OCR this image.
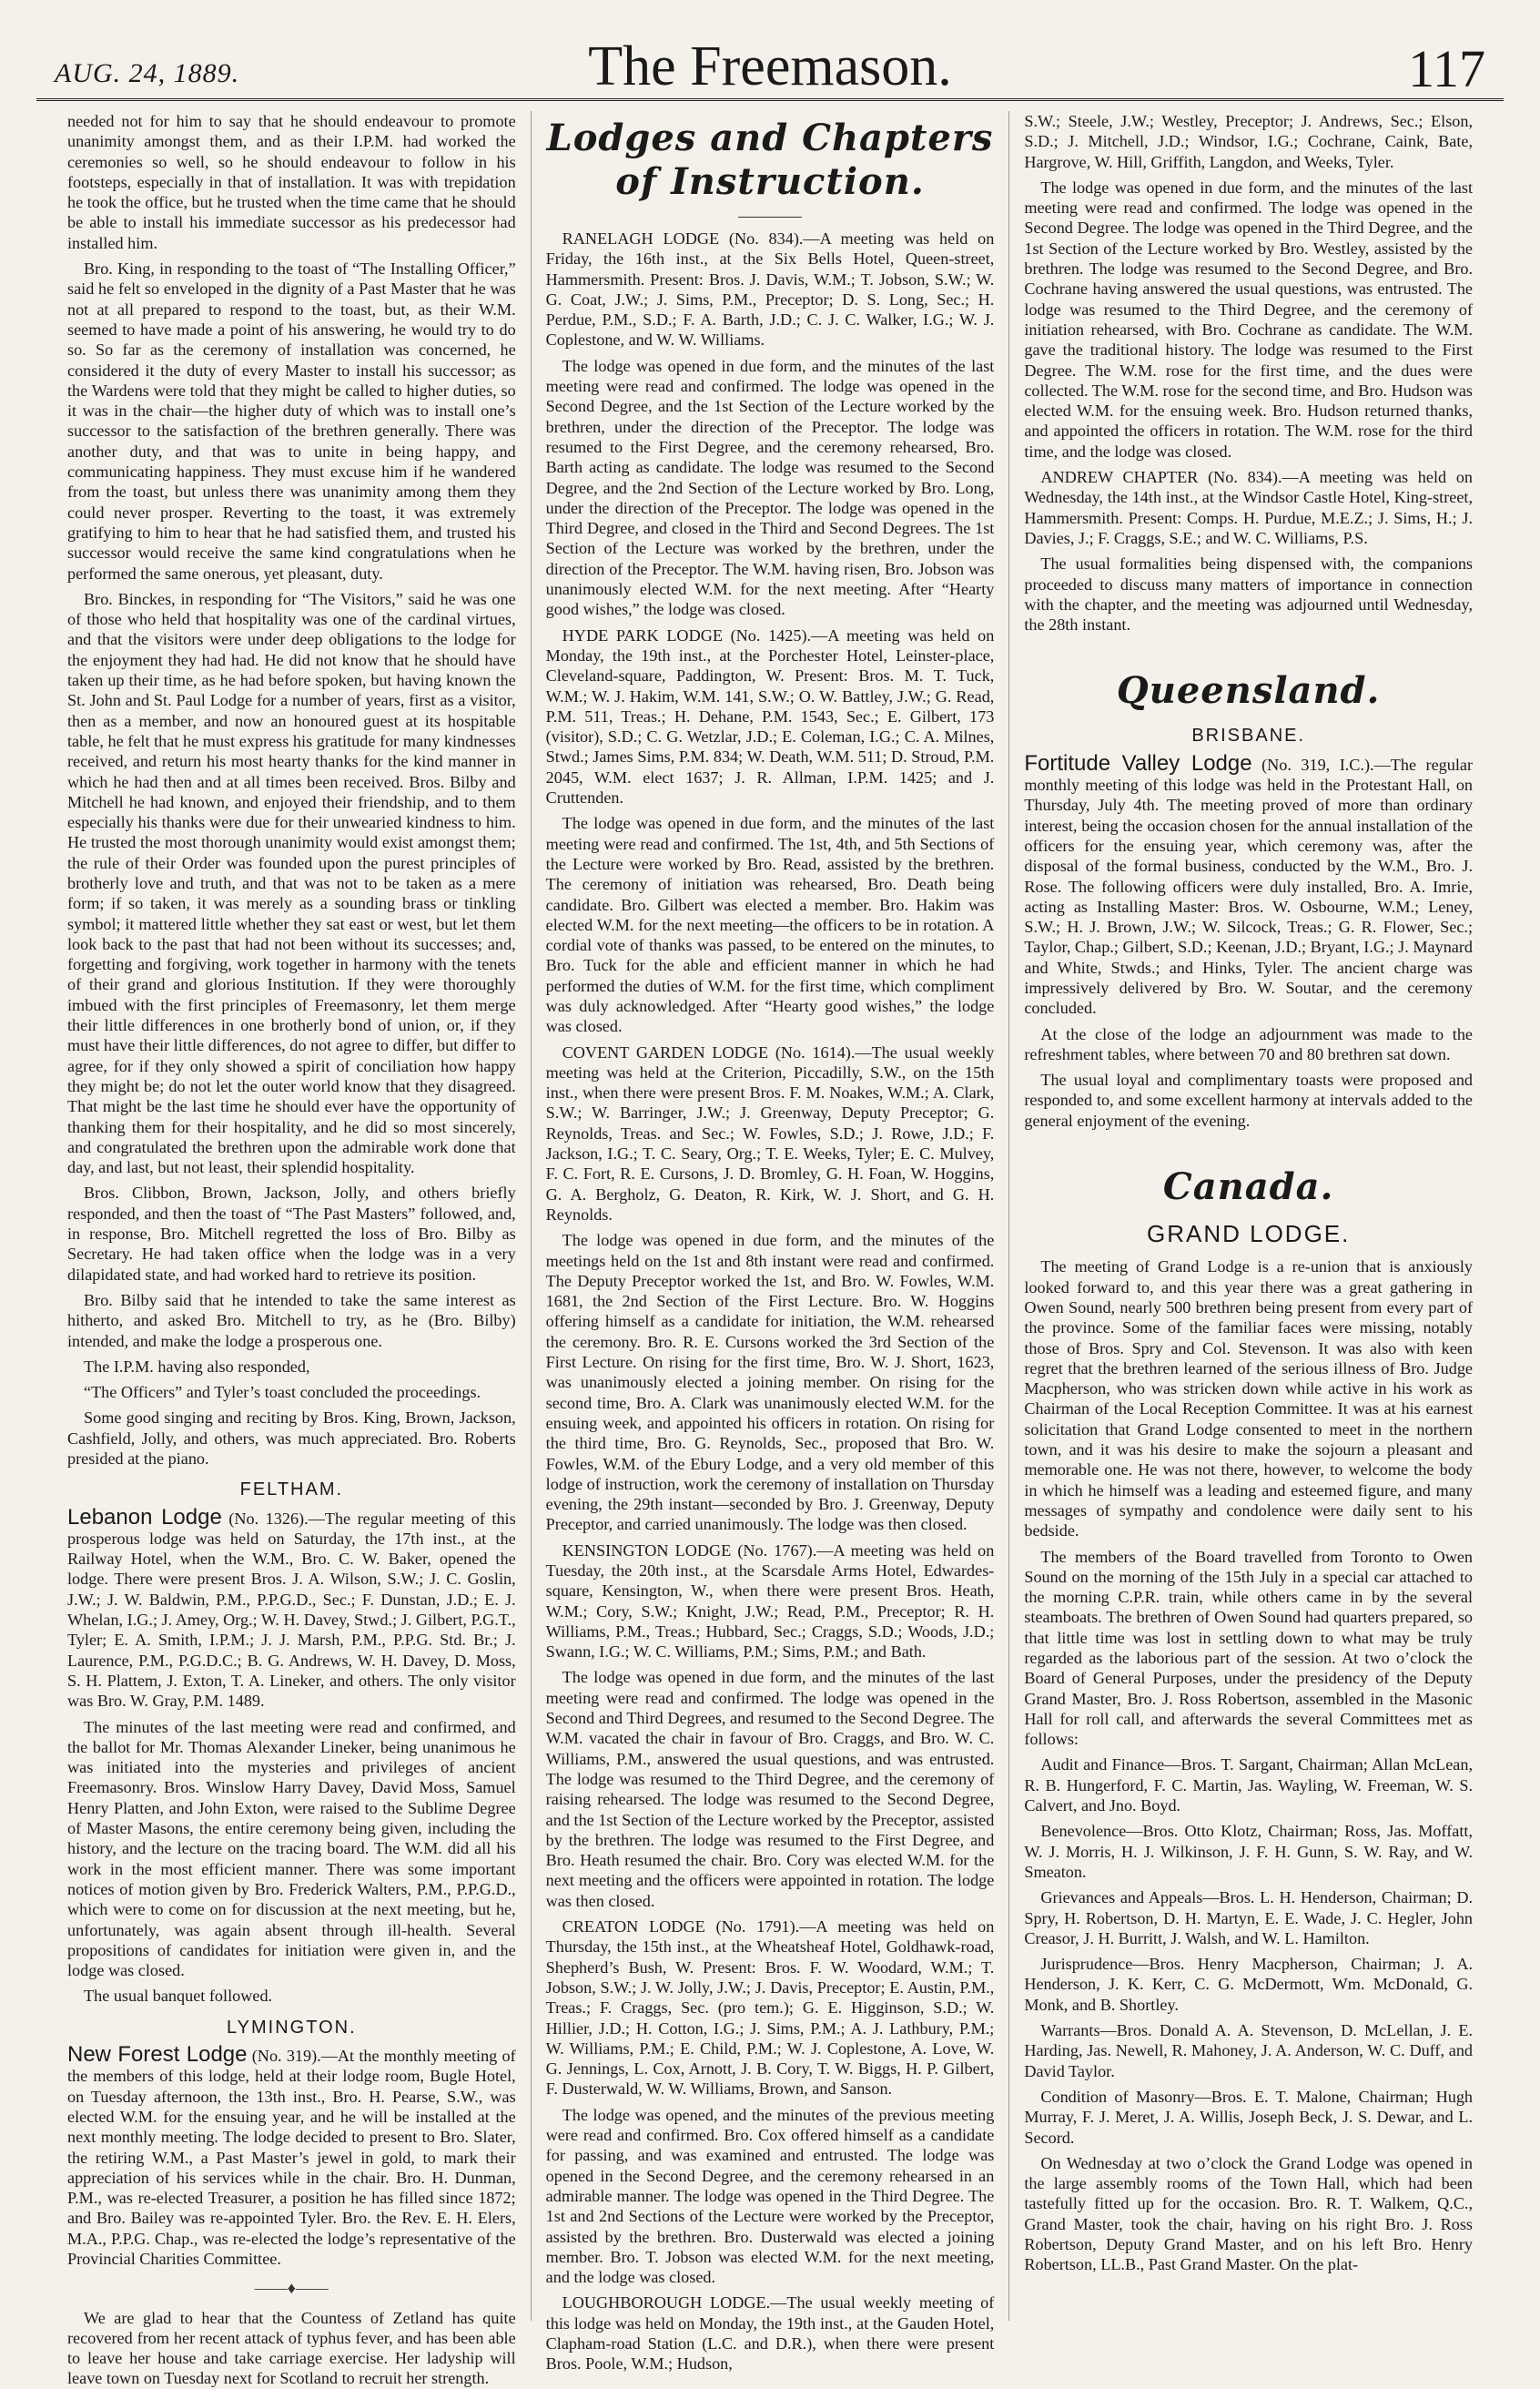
AUG. 24, 1889.	The Freemason.	117

needed not for him to say that he should endeavour to promote unanimity amongst them, and as their I.P.M. had worked the ceremonies so well, so he should endeavour to follow in his footsteps, especially in that of installation. It was with trepidation he took the office, but he trusted when the time came that he should be able to install his immediate successor as his predecessor had installed him.

Bro. King, in responding to the toast of “The Installing Officer,” said he felt so enveloped in the dignity of a Past Master that he was not at all prepared to respond to the toast, but, as their W.M. seemed to have made a point of his answering, he would try to do so. So far as the ceremony of installation was concerned, he considered it the duty of every Master to install his successor; as the Wardens were told that they might be called to higher duties, so it was in the chair—the higher duty of which was to install one’s successor to the satisfaction of the brethren generally. There was another duty, and that was to unite in being happy, and communicating happiness. They must excuse him if he wandered from the toast, but unless there was unanimity among them they could never prosper. Reverting to the toast, it was extremely gratifying to him to hear that he had satisfied them, and trusted his successor would receive the same kind congratulations when he performed the same onerous, yet pleasant, duty.

Bro. Binckes, in responding for “The Visitors,” said he was one of those who held that hospitality was one of the cardinal virtues, and that the visitors were under deep obligations to the lodge for the enjoyment they had had. He did not know that he should have taken up their time, as he had before spoken, but having known the St. John and St. Paul Lodge for a number of years, first as a visitor, then as a member, and now an honoured guest at its hospitable table, he felt that he must express his gratitude for many kindnesses received, and return his most hearty thanks for the kind manner in which he had then and at all times been received. Bros. Bilby and Mitchell he had known, and enjoyed their friendship, and to them especially his thanks were due for their unwearied kindness to him. He trusted the most thorough unanimity would exist amongst them; the rule of their Order was founded upon the purest principles of brotherly love and truth, and that was not to be taken as a mere form; if so taken, it was merely as a sounding brass or tinkling symbol; it mattered little whether they sat east or west, but let them look back to the past that had not been without its successes; and, forgetting and forgiving, work together in harmony with the tenets of their grand and glorious Institution. If they were thoroughly imbued with the first principles of Freemasonry, let them merge their little differences in one brotherly bond of union, or, if they must have their little differences, do not agree to differ, but differ to agree, for if they only showed a spirit of conciliation how happy they might be; do not let the outer world know that they disagreed. That might be the last time he should ever have the opportunity of thanking them for their hospitality, and he did so most sincerely, and congratulated the brethren upon the admirable work done that day, and last, but not least, their splendid hospitality.

Bros. Clibbon, Brown, Jackson, Jolly, and others briefly responded, and then the toast of “The Past Masters” followed, and, in response, Bro. Mitchell regretted the loss of Bro. Bilby as Secretary. He had taken office when the lodge was in a very dilapidated state, and had worked hard to retrieve its position.

Bro. Bilby said that he intended to take the same interest as hitherto, and asked Bro. Mitchell to try, as he (Bro. Bilby) intended, and make the lodge a prosperous one.

The I.P.M. having also responded,

“The Officers” and Tyler’s toast concluded the proceedings.

Some good singing and reciting by Bros. King, Brown, Jackson, Cashfield, Jolly, and others, was much appreciated. Bro. Roberts presided at the piano.

FELTHAM.

Lebanon Lodge (No. 1326).—The regular meeting of this prosperous lodge was held on Saturday, the 17th inst., at the Railway Hotel, when the W.M., Bro. C. W. Baker, opened the lodge. There were present Bros. J. A. Wilson, S.W.; J. C. Goslin, J.W.; J. W. Baldwin, P.M., P.P.G.D., Sec.; F. Dunstan, J.D.; E. J. Whelan, I.G.; J. Amey, Org.; W. H. Davey, Stwd.; J. Gilbert, P.G.T., Tyler; E. A. Smith, I.P.M.; J. J. Marsh, P.M., P.P.G. Std. Br.; J. Laurence, P.M., P.G.D.C.; B. G. Andrews, W. H. Davey, D. Moss, S. H. Plattem, J. Exton, T. A. Lineker, and others. The only visitor was Bro. W. Gray, P.M. 1489.

The minutes of the last meeting were read and confirmed, and the ballot for Mr. Thomas Alexander Lineker, being unanimous he was initiated into the mysteries and privileges of ancient Freemasonry. Bros. Winslow Harry Davey, David Moss, Samuel Henry Platten, and John Exton, were raised to the Sublime Degree of Master Masons, the entire ceremony being given, including the history, and the lecture on the tracing board. The W.M. did all his work in the most efficient manner. There was some important notices of motion given by Bro. Frederick Walters, P.M., P.P.G.D., which were to come on for discussion at the next meeting, but he, unfortunately, was again absent through ill-health. Several propositions of candidates for initiation were given in, and the lodge was closed.

The usual banquet followed.

LYMINGTON.

New Forest Lodge (No. 319).—At the monthly meeting of the members of this lodge, held at their lodge room, Bugle Hotel, on Tuesday afternoon, the 13th inst., Bro. H. Pearse, S.W., was elected W.M. for the ensuing year, and he will be installed at the next monthly meeting. The lodge decided to present to Bro. Slater, the retiring W.M., a Past Master’s jewel in gold, to mark their appreciation of his services while in the chair. Bro. H. Dunman, P.M., was re-elected Treasurer, a position he has filled since 1872; and Bro. Bailey was re-appointed Tyler. Bro. the Rev. E. H. Elers, M.A., P.P.G. Chap., was re-elected the lodge’s representative of the Provincial Charities Committee.

——♦——

We are glad to hear that the Countess of Zetland has quite recovered from her recent attack of typhus fever, and has been able to leave her house and take carriage exercise. Her ladyship will leave town on Tuesday next for Scotland to recruit her strength.

Lodges and Chapters of Instruction.

RANELAGH LODGE (No. 834).—A meeting was held on Friday, the 16th inst., at the Six Bells Hotel, Queen-street, Hammersmith. Present: Bros. J. Davis, W.M.; T. Jobson, S.W.; W. G. Coat, J.W.; J. Sims, P.M., Preceptor; D. S. Long, Sec.; H. Perdue, P.M., S.D.; F. A. Barth, J.D.; C. J. C. Walker, I.G.; W. J. Coplestone, and W. W. Williams.

The lodge was opened in due form, and the minutes of the last meeting were read and confirmed. The lodge was opened in the Second Degree, and the 1st Section of the Lecture worked by the brethren, under the direction of the Preceptor. The lodge was resumed to the First Degree, and the ceremony rehearsed, Bro. Barth acting as candidate. The lodge was resumed to the Second Degree, and the 2nd Section of the Lecture worked by Bro. Long, under the direction of the Preceptor. The lodge was opened in the Third Degree, and closed in the Third and Second Degrees. The 1st Section of the Lecture was worked by the brethren, under the direction of the Preceptor. The W.M. having risen, Bro. Jobson was unanimously elected W.M. for the next meeting. After “Hearty good wishes,” the lodge was closed.

HYDE PARK LODGE (No. 1425).—A meeting was held on Monday, the 19th inst., at the Porchester Hotel, Leinster-place, Cleveland-square, Paddington, W. Present: Bros. M. T. Tuck, W.M.; W. J. Hakim, W.M. 141, S.W.; O. W. Battley, J.W.; G. Read, P.M. 511, Treas.; H. Dehane, P.M. 1543, Sec.; E. Gilbert, 173 (visitor), S.D.; C. G. Wetzlar, J.D.; E. Coleman, I.G.; C. A. Milnes, Stwd.; James Sims, P.M. 834; W. Death, W.M. 511; D. Stroud, P.M. 2045, W.M. elect 1637; J. R. Allman, I.P.M. 1425; and J. Cruttenden.

The lodge was opened in due form, and the minutes of the last meeting were read and confirmed. The 1st, 4th, and 5th Sections of the Lecture were worked by Bro. Read, assisted by the brethren. The ceremony of initiation was rehearsed, Bro. Death being candidate. Bro. Gilbert was elected a member. Bro. Hakim was elected W.M. for the next meeting—the officers to be in rotation. A cordial vote of thanks was passed, to be entered on the minutes, to Bro. Tuck for the able and efficient manner in which he had performed the duties of W.M. for the first time, which compliment was duly acknowledged. After “Hearty good wishes,” the lodge was closed.

COVENT GARDEN LODGE (No. 1614).—The usual weekly meeting was held at the Criterion, Piccadilly, S.W., on the 15th inst., when there were present Bros. F. M. Noakes, W.M.; A. Clark, S.W.; W. Barringer, J.W.; J. Greenway, Deputy Preceptor; G. Reynolds, Treas. and Sec.; W. Fowles, S.D.; J. Rowe, J.D.; F. Jackson, I.G.; T. C. Seary, Org.; T. E. Weeks, Tyler; E. C. Mulvey, F. C. Fort, R. E. Cursons, J. D. Bromley, G. H. Foan, W. Hoggins, G. A. Bergholz, G. Deaton, R. Kirk, W. J. Short, and G. H. Reynolds.

The lodge was opened in due form, and the minutes of the meetings held on the 1st and 8th instant were read and confirmed. The Deputy Preceptor worked the 1st, and Bro. W. Fowles, W.M. 1681, the 2nd Section of the First Lecture. Bro. W. Hoggins offering himself as a candidate for initiation, the W.M. rehearsed the ceremony. Bro. R. E. Cursons worked the 3rd Section of the First Lecture. On rising for the first time, Bro. W. J. Short, 1623, was unanimously elected a joining member. On rising for the second time, Bro. A. Clark was unanimously elected W.M. for the ensuing week, and appointed his officers in rotation. On rising for the third time, Bro. G. Reynolds, Sec., proposed that Bro. W. Fowles, W.M. of the Ebury Lodge, and a very old member of this lodge of instruction, work the ceremony of installation on Thursday evening, the 29th instant—seconded by Bro. J. Greenway, Deputy Preceptor, and carried unanimously. The lodge was then closed.

KENSINGTON LODGE (No. 1767).—A meeting was held on Tuesday, the 20th inst., at the Scarsdale Arms Hotel, Edwardes-square, Kensington, W., when there were present Bros. Heath, W.M.; Cory, S.W.; Knight, J.W.; Read, P.M., Preceptor; R. H. Williams, P.M., Treas.; Hubbard, Sec.; Craggs, S.D.; Woods, J.D.; Swann, I.G.; W. C. Williams, P.M.; Sims, P.M.; and Bath.

The lodge was opened in due form, and the minutes of the last meeting were read and confirmed. The lodge was opened in the Second and Third Degrees, and resumed to the Second Degree. The W.M. vacated the chair in favour of Bro. Craggs, and Bro. W. C. Williams, P.M., answered the usual questions, and was entrusted. The lodge was resumed to the Third Degree, and the ceremony of raising rehearsed. The lodge was resumed to the Second Degree, and the 1st Section of the Lecture worked by the Preceptor, assisted by the brethren. The lodge was resumed to the First Degree, and Bro. Heath resumed the chair. Bro. Cory was elected W.M. for the next meeting and the officers were appointed in rotation. The lodge was then closed.

CREATON LODGE (No. 1791).—A meeting was held on Thursday, the 15th inst., at the Wheatsheaf Hotel, Goldhawk-road, Shepherd’s Bush, W. Present: Bros. F. W. Woodard, W.M.; T. Jobson, S.W.; J. W. Jolly, J.W.; J. Davis, Preceptor; E. Austin, P.M., Treas.; F. Craggs, Sec. (pro tem.); G. E. Higginson, S.D.; W. Hillier, J.D.; H. Cotton, I.G.; J. Sims, P.M.; A. J. Lathbury, P.M.; W. Williams, P.M.; E. Child, P.M.; W. J. Coplestone, A. Love, W. G. Jennings, L. Cox, Arnott, J. B. Cory, T. W. Biggs, H. P. Gilbert, F. Dusterwald, W. W. Williams, Brown, and Sanson.

The lodge was opened, and the minutes of the previous meeting were read and confirmed. Bro. Cox offered himself as a candidate for passing, and was examined and entrusted. The lodge was opened in the Second Degree, and the ceremony rehearsed in an admirable manner. The lodge was opened in the Third Degree. The 1st and 2nd Sections of the Lecture were worked by the Preceptor, assisted by the brethren. Bro. Dusterwald was elected a joining member. Bro. T. Jobson was elected W.M. for the next meeting, and the lodge was closed.

LOUGHBOROUGH LODGE.—The usual weekly meeting of this lodge was held on Monday, the 19th inst., at the Gauden Hotel, Clapham-road Station (L.C. and D.R.), when there were present Bros. Poole, W.M.; Hudson,

S.W.; Steele, J.W.; Westley, Preceptor; J. Andrews, Sec.; Elson, S.D.; J. Mitchell, J.D.; Windsor, I.G.; Cochrane, Caink, Bate, Hargrove, W. Hill, Griffith, Langdon, and Weeks, Tyler.

The lodge was opened in due form, and the minutes of the last meeting were read and confirmed. The lodge was opened in the Second Degree. The lodge was opened in the Third Degree, and the 1st Section of the Lecture worked by Bro. Westley, assisted by the brethren. The lodge was resumed to the Second Degree, and Bro. Cochrane having answered the usual questions, was entrusted. The lodge was resumed to the Third Degree, and the ceremony of initiation rehearsed, with Bro. Cochrane as candidate. The W.M. gave the traditional history. The lodge was resumed to the First Degree. The W.M. rose for the first time, and the dues were collected. The W.M. rose for the second time, and Bro. Hudson was elected W.M. for the ensuing week. Bro. Hudson returned thanks, and appointed the officers in rotation. The W.M. rose for the third time, and the lodge was closed.

ANDREW CHAPTER (No. 834).—A meeting was held on Wednesday, the 14th inst., at the Windsor Castle Hotel, King-street, Hammersmith. Present: Comps. H. Purdue, M.E.Z.; J. Sims, H.; J. Davies, J.; F. Craggs, S.E.; and W. C. Williams, P.S.

The usual formalities being dispensed with, the companions proceeded to discuss many matters of importance in connection with the chapter, and the meeting was adjourned until Wednesday, the 28th instant.

Queensland.
BRISBANE.

Fortitude Valley Lodge (No. 319, I.C.).—The regular monthly meeting of this lodge was held in the Protestant Hall, on Thursday, July 4th. The meeting proved of more than ordinary interest, being the occasion chosen for the annual installation of the officers for the ensuing year, which ceremony was, after the disposal of the formal business, conducted by the W.M., Bro. J. Rose. The following officers were duly installed, Bro. A. Imrie, acting as Installing Master: Bros. W. Osbourne, W.M.; Leney, S.W.; H. J. Brown, J.W.; W. Silcock, Treas.; G. R. Flower, Sec.; Taylor, Chap.; Gilbert, S.D.; Keenan, J.D.; Bryant, I.G.; J. Maynard and White, Stwds.; and Hinks, Tyler. The ancient charge was impressively delivered by Bro. W. Soutar, and the ceremony concluded.

At the close of the lodge an adjournment was made to the refreshment tables, where between 70 and 80 brethren sat down.

The usual loyal and complimentary toasts were proposed and responded to, and some excellent harmony at intervals added to the general enjoyment of the evening.

Canada.
GRAND LODGE.

The meeting of Grand Lodge is a re-union that is anxiously looked forward to, and this year there was a great gathering in Owen Sound, nearly 500 brethren being present from every part of the province. Some of the familiar faces were missing, notably those of Bros. Spry and Col. Stevenson. It was also with keen regret that the brethren learned of the serious illness of Bro. Judge Macpherson, who was stricken down while active in his work as Chairman of the Local Reception Committee. It was at his earnest solicitation that Grand Lodge consented to meet in the northern town, and it was his desire to make the sojourn a pleasant and memorable one. He was not there, however, to welcome the body in which he himself was a leading and esteemed figure, and many messages of sympathy and condolence were daily sent to his bedside.

The members of the Board travelled from Toronto to Owen Sound on the morning of the 15th July in a special car attached to the morning C.P.R. train, while others came in by the several steamboats. The brethren of Owen Sound had quarters prepared, so that little time was lost in settling down to what may be truly regarded as the laborious part of the session. At two o’clock the Board of General Purposes, under the presidency of the Deputy Grand Master, Bro. J. Ross Robertson, assembled in the Masonic Hall for roll call, and afterwards the several Committees met as follows:

Audit and Finance—Bros. T. Sargant, Chairman; Allan McLean, R. B. Hungerford, F. C. Martin, Jas. Wayling, W. Freeman, W. S. Calvert, and Jno. Boyd.

Benevolence—Bros. Otto Klotz, Chairman; Ross, Jas. Moffatt, W. J. Morris, H. J. Wilkinson, J. F. H. Gunn, S. W. Ray, and W. Smeaton.

Grievances and Appeals—Bros. L. H. Henderson, Chairman; D. Spry, H. Robertson, D. H. Martyn, E. E. Wade, J. C. Hegler, John Creasor, J. H. Burritt, J. Walsh, and W. L. Hamilton.

Jurisprudence—Bros. Henry Macpherson, Chairman; J. A. Henderson, J. K. Kerr, C. G. McDermott, Wm. McDonald, G. Monk, and B. Shortley.

Warrants—Bros. Donald A. A. Stevenson, D. McLellan, J. E. Harding, Jas. Newell, R. Mahoney, J. A. Anderson, W. C. Duff, and David Taylor.

Condition of Masonry—Bros. E. T. Malone, Chairman; Hugh Murray, F. J. Meret, J. A. Willis, Joseph Beck, J. S. Dewar, and L. Secord.

On Wednesday at two o’clock the Grand Lodge was opened in the large assembly rooms of the Town Hall, which had been tastefully fitted up for the occasion. Bro. R. T. Walkem, Q.C., Grand Master, took the chair, having on his right Bro. J. Ross Robertson, Deputy Grand Master, and on his left Bro. Henry Robertson, LL.B., Past Grand Master. On the plat-
